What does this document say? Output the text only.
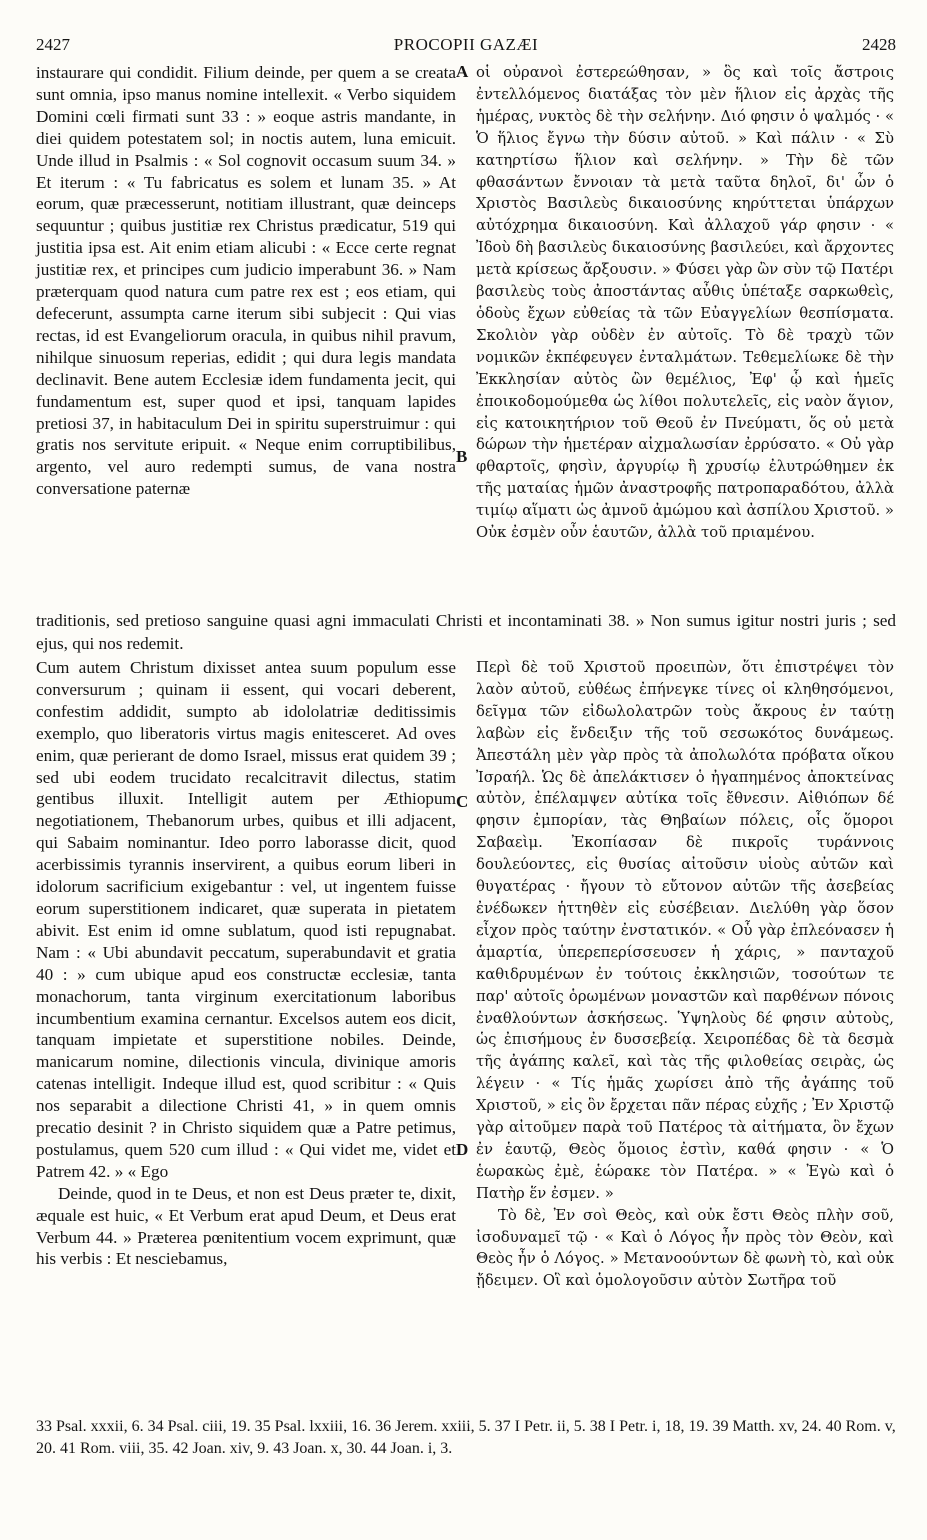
2427	PROCOPII GAZÆI	2428

instaurare qui condidit. Filium deinde, per quem a se creata sunt omnia, ipso manus nomine intellexit. « Verbo siquidem Domini cœli firmati sunt 33 : » eoque astris mandante, in diei quidem potestatem sol; in noctis autem, luna emicuit. Unde illud in Psalmis : « Sol cognovit occasum suum 34. » Et iterum : « Tu fabricatus es solem et lunam 35. » At eorum, quæ præcesserunt, notitiam illustrant, quæ deinceps sequuntur ; quibus justitiæ rex Christus prædicatur, 519 qui justitia ipsa est. Ait enim etiam alicubi : « Ecce certe regnat justitiæ rex, et principes cum judicio imperabunt 36. » Nam præterquam quod natura cum patre rex est ; eos etiam, qui defecerunt, assumpta carne iterum sibi subjecit : Qui vias rectas, id est Evangeliorum oracula, in quibus nihil pravum, nihilque sinuosum reperias, edidit ; qui dura legis mandata declinavit. Bene autem Ecclesiæ idem fundamenta jecit, qui fundamentum est, super quod et ipsi, tanquam lapides pretiosi 37, in habitaculum Dei in spiritu superstruimur : qui gratis nos servitute eripuit. « Neque enim corruptibilibus, argento, vel auro redempti sumus, de vana nostra conversatione paternæ

οἱ οὐρανοὶ ἐστερεώθησαν, » ὃς καὶ τοῖς ἄστροις ἐντελλόμενος διατάξας τὸν μὲν ἥλιον εἰς ἀρχὰς τῆς ἡμέρας, νυκτὸς δὲ τὴν σελήνην. Διό φησιν ὁ ψαλμός · « Ὁ ἥλιος ἔγνω τὴν δύσιν αὐτοῦ. » Καὶ πάλιν · « Σὺ κατηρτίσω ἥλιον καὶ σελήνην. » Τὴν δὲ τῶν φθασάντων ἔννοιαν τὰ μετὰ ταῦτα δηλοῖ, δι' ὧν ὁ Χριστὸς Βασιλεὺς δικαιοσύνης κηρύττεται ὑπάρχων αὐτόχρημα δικαιοσύνη. Καὶ ἀλλαχοῦ γάρ φησιν · « Ἰδοὺ δὴ βασιλεὺς δικαιοσύνης βασιλεύει, καὶ ἄρχοντες μετὰ κρίσεως ἄρξουσιν. » Φύσει γὰρ ὢν σὺν τῷ Πατέρι βασιλεὺς τοὺς ἀποστάντας αὖθις ὑπέταξε σαρκωθεὶς, ὁδοὺς ἔχων εὐθείας τὰ τῶν Εὐαγγελίων θεσπίσματα. Σκολιὸν γὰρ οὐδὲν ἐν αὐτοῖς. Τὸ δὲ τραχὺ τῶν νομικῶν ἐκπέφευγεν ἐνταλμάτων. Τεθεμελίωκε δὲ τὴν Ἐκκλησίαν αὐτὸς ὢν θεμέλιος, Ἐφ' ᾧ καὶ ἡμεῖς ἐποικοδομούμεθα ὡς λίθοι πολυτελεῖς, εἰς ναὸν ἅγιον, εἰς κατοικητήριον τοῦ Θεοῦ ἐν Πνεύματι, ὅς οὐ μετὰ δώρων τὴν ἡμετέραν αἰχμαλωσίαν ἐρρύσατο. « Οὐ γὰρ φθαρτοῖς, φησὶν, ἀργυρίῳ ἢ χρυσίῳ ἐλυτρώθημεν ἐκ τῆς ματαίας ἡμῶν ἀναστροφῆς πατροπαραδότου, ἀλλὰ τιμίῳ αἵματι ὡς ἀμνοῦ ἀμώμου καὶ ἀσπίλου Χριστοῦ. » Οὐκ ἐσμὲν οὖν ἑαυτῶν, ἀλλὰ τοῦ πριαμένου.

A
B
traditionis, sed pretioso sanguine quasi agni immaculati Christi et incontaminati 38. » Non sumus igitur nostri juris ; sed ejus, qui nos redemit.

Cum autem Christum dixisset antea suum populum esse conversurum ; quinam ii essent, qui vocari deberent, confestim addidit, sumpto ab idololatriæ deditissimis exemplo, quo liberatoris virtus magis enitesceret. Ad oves enim, quæ perierant de domo Israel, missus erat quidem 39 ; sed ubi eodem trucidato recalcitravit dilectus, statim gentibus illuxit. Intelligit autem per Æthiopum negotiationem, Thebanorum urbes, quibus et illi adjacent, qui Sabaim nominantur. Ideo porro laborasse dicit, quod acerbissimis tyrannis inservirent, a quibus eorum liberi in idolorum sacrificium exigebantur : vel, ut ingentem fuisse eorum superstitionem indicaret, quæ superata in pietatem abivit. Est enim id omne sublatum, quod isti repugnabat. Nam : « Ubi abundavit peccatum, superabundavit et gratia 40 : » cum ubique apud eos constructæ ecclesiæ, tanta monachorum, tanta virginum exercitationum laboribus incumbentium examina cernantur. Excelsos autem eos dicit, tanquam impietate et superstitione nobiles. Deinde, manicarum nomine, dilectionis vincula, divinique amoris catenas intelligit. Indeque illud est, quod scribitur : « Quis nos separabit a dilectione Christi 41, » in quem omnis precatio desinit ? in Christo siquidem quæ a Patre petimus, postulamus, quem 520 cum illud : « Qui videt me, videt et Patrem 42. » « Ego

Deinde, quod in te Deus, et non est Deus præter te, dixit, æquale est huic, « Et Verbum erat apud Deum, et Deus erat Verbum 44. » Præterea pœnitentium vocem exprimunt, quæ his verbis : Et nesciebamus,

Περὶ δὲ τοῦ Χριστοῦ προειπὼν, ὅτι ἐπιστρέψει τὸν λαὸν αὐτοῦ, εὐθέως ἐπήνεγκε τίνες οἱ κληθησόμενοι, δεῖγμα τῶν εἰδωλολατρῶν τοὺς ἄκρους ἐν ταύτῃ λαβὼν εἰς ἔνδειξιν τῆς τοῦ σεσωκότος δυνάμεως. Ἀπεστάλη μὲν γὰρ πρὸς τὰ ἀπολωλότα πρόβατα οἴκου Ἰσραήλ. Ὡς δὲ ἀπελάκτισεν ὁ ἠγαπημένος ἀποκτείνας αὐτὸν, ἐπέλαμψεν αὐτίκα τοῖς ἔθνεσιν. Αἰθιόπων δέ φησιν ἐμπορίαν, τὰς Θηβαίων πόλεις, οἷς ὅμοροι Σαβαεὶμ. Ἐκοπίασαν δὲ πικροῖς τυράννοις δουλεύοντες, εἰς θυσίας αἰτοῦσιν υἱοὺς αὐτῶν καὶ θυγατέρας · ἤγουν τὸ εὔτονον αὐτῶν τῆς ἀσεβείας ἐνέδωκεν ἡττηθὲν εἰς εὐσέβειαν. Διελύθη γὰρ ὅσον εἶχον πρὸς ταύτην ἐνστατικόν. « Οὗ γὰρ ἐπλεόνασεν ἡ ἁμαρτία, ὑπερεπερίσσευσεν ἡ χάρις, » πανταχοῦ καθιδρυμένων ἐν τούτοις ἐκκλησιῶν, τοσούτων τε παρ' αὐτοῖς ὁρωμένων μοναστῶν καὶ παρθένων πόνοις ἐναθλούντων ἀσκήσεως. Ὑψηλοὺς δέ φησιν αὐτοὺς, ὡς ἐπισήμους ἐν δυσσεβείᾳ. Χειροπέδας δὲ τὰ δεσμὰ τῆς ἀγάπης καλεῖ, καὶ τὰς τῆς φιλοθείας σειρὰς, ὡς λέγειν · « Τίς ἡμᾶς χωρίσει ἀπὸ τῆς ἀγάπης τοῦ Χριστοῦ, » εἰς ὃν ἔρχεται πᾶν πέρας εὐχῆς ; Ἐν Χριστῷ γὰρ αἰτοῦμεν παρὰ τοῦ Πατέρος τὰ αἰτήματα, ὃν ἔχων ἐν ἑαυτῷ, Θεὸς ὅμοιος ἐστὶν, καθά φησιν · « Ὁ ἑωρακὼς ἐμὲ, ἑώρακε τὸν Πατέρα. » « Ἐγὼ καὶ ὁ Πατὴρ ἕν ἐσμεν. »

Τὸ δὲ, Ἐν σοὶ Θεὸς, καὶ οὐκ ἔστι Θεὸς πλὴν σοῦ, ἰσοδυναμεῖ τῷ · « Καὶ ὁ Λόγος ἦν πρὸς τὸν Θεὸν, καὶ Θεὸς ἦν ὁ Λόγος. » Μετανοούντων δὲ φωνὴ τὸ, καὶ οὐκ ᾔδειμεν. Οἳ καὶ ὁμολογοῦσιν αὐτὸν Σωτῆρα τοῦ

C
D
33 Psal. xxxii, 6. 34 Psal. ciii, 19. 35 Psal. lxxiii, 16. 36 Jerem. xxiii, 5. 37 I Petr. ii, 5. 38 I Petr. i, 18, 19. 39 Matth. xv, 24. 40 Rom. v, 20. 41 Rom. viii, 35. 42 Joan. xiv, 9. 43 Joan. x, 30. 44 Joan. i, 3.
